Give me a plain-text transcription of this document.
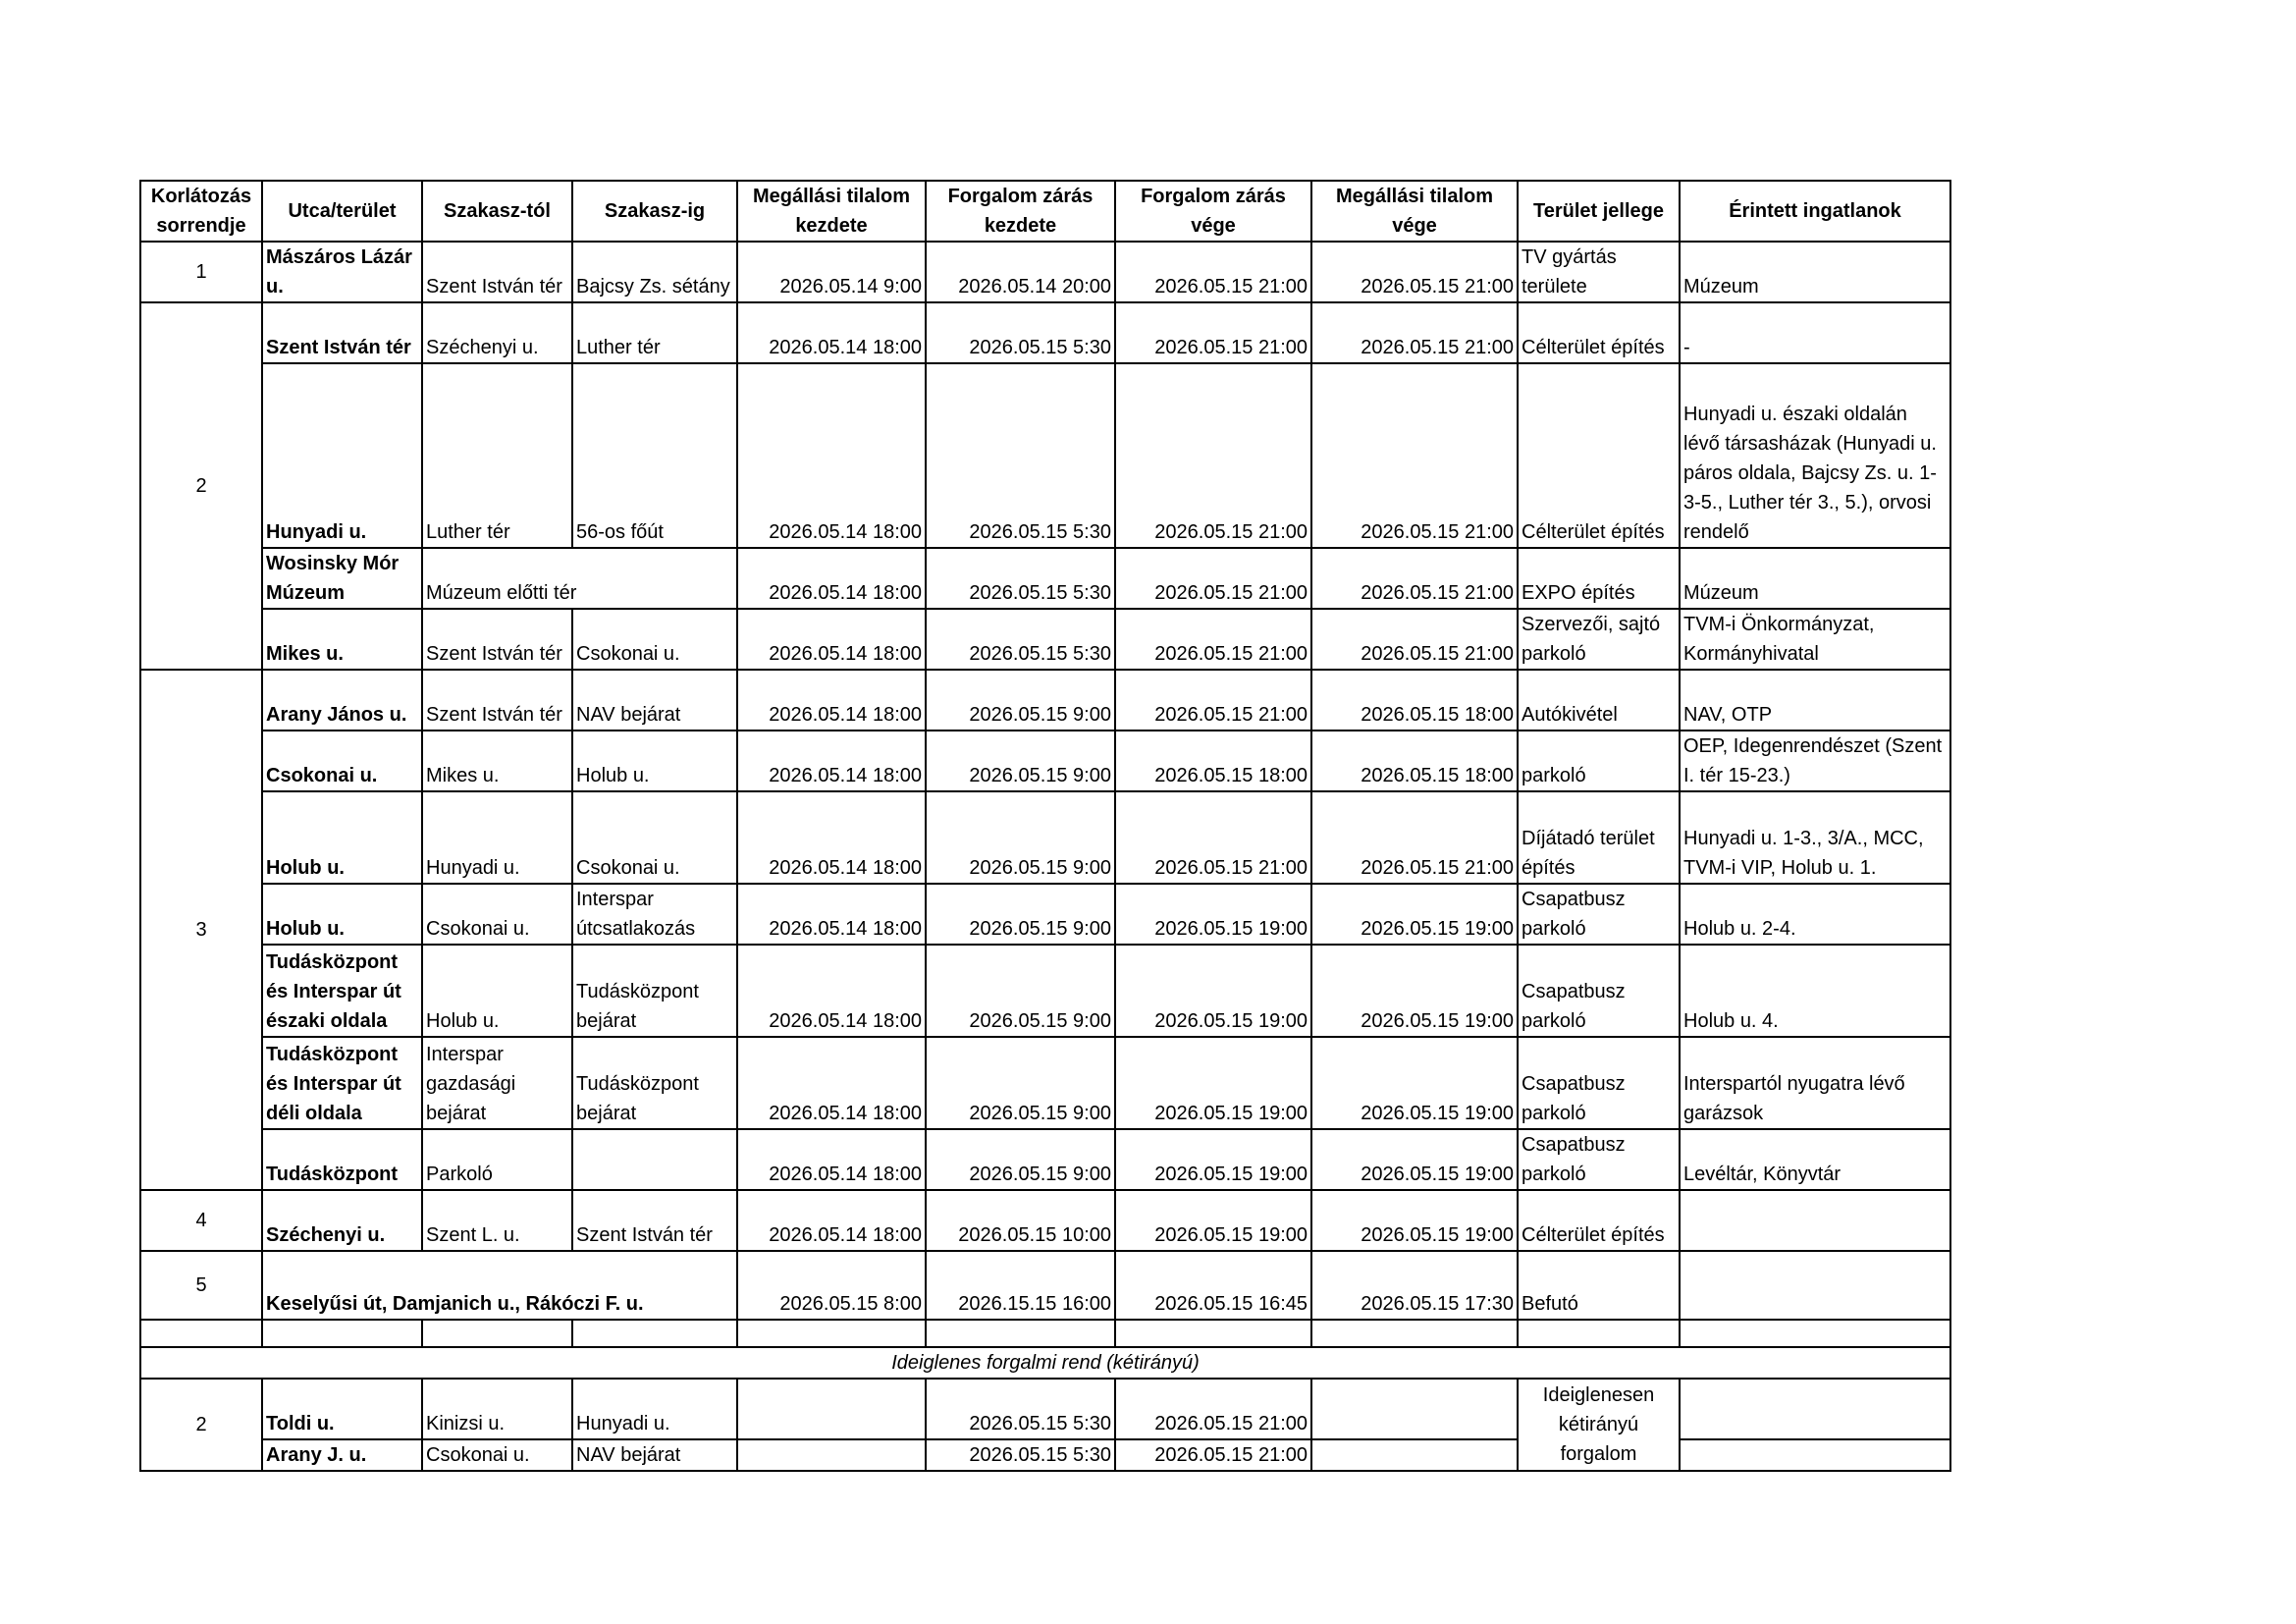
Korlátozás sorrendje	Utca/terület	Szakasz-tól	Szakasz-ig	Megállási tilalom kezdete	Forgalom zárás kezdete	Forgalom zárás vége	Megállási tilalom vége	Terület jellege	Érintett ingatlanok
1	Mászáros Lázár u.	Szent István tér	Bajcsy Zs. sétány	2026.05.14 9:00	2026.05.14 20:00	2026.05.15 21:00	2026.05.15 21:00	TV gyártás területe	Múzeum
2	Szent István tér	Széchenyi u.	Luther tér	2026.05.14 18:00	2026.05.15 5:30	2026.05.15 21:00	2026.05.15 21:00	Célterület építés	-
	Hunyadi u.	Luther tér	56-os főút	2026.05.14 18:00	2026.05.15 5:30	2026.05.15 21:00	2026.05.15 21:00	Célterület építés	Hunyadi u. északi oldalán lévő társasházak (Hunyadi u. páros oldala, Bajcsy Zs. u. 1-3-5., Luther tér 3., 5.), orvosi rendelő
	Wosinsky Mór Múzeum	Múzeum előtti tér		2026.05.14 18:00	2026.05.15 5:30	2026.05.15 21:00	2026.05.15 21:00	EXPO építés	Múzeum
	Mikes u.	Szent István tér	Csokonai u.	2026.05.14 18:00	2026.05.15 5:30	2026.05.15 21:00	2026.05.15 21:00	Szervezői, sajtó parkoló	TVM-i Önkormányzat, Kormányhivatal
3	Arany János u.	Szent István tér	NAV bejárat	2026.05.14 18:00	2026.05.15 9:00	2026.05.15 21:00	2026.05.15 18:00	Autókivétel	NAV, OTP
	Csokonai u.	Mikes u.	Holub u.	2026.05.14 18:00	2026.05.15 9:00	2026.05.15 18:00	2026.05.15 18:00	parkoló	OEP, Idegenrendészet (Szent I. tér 15-23.)
	Holub u.	Hunyadi u.	Csokonai u.	2026.05.14 18:00	2026.05.15 9:00	2026.05.15 21:00	2026.05.15 21:00	Díjátadó terület építés	Hunyadi u. 1-3., 3/A., MCC, TVM-i VIP, Holub u. 1.
	Holub u.	Csokonai u.	Interspar útcsatlakozás	2026.05.14 18:00	2026.05.15 9:00	2026.05.15 19:00	2026.05.15 19:00	Csapatbusz parkoló	Holub u. 2-4.
	Tudásközpont és Interspar út északi oldala	Holub u.	Tudásközpont bejárat	2026.05.14 18:00	2026.05.15 9:00	2026.05.15 19:00	2026.05.15 19:00	Csapatbusz parkoló	Holub u. 4.
	Tudásközpont és Interspar út déli oldala	Interspar gazdasági bejárat	Tudásközpont bejárat	2026.05.14 18:00	2026.05.15 9:00	2026.05.15 19:00	2026.05.15 19:00	Csapatbusz parkoló	Interspartól nyugatra lévő garázsok
	Tudásközpont	Parkoló		2026.05.14 18:00	2026.05.15 9:00	2026.05.15 19:00	2026.05.15 19:00	Csapatbusz parkoló	Levéltár, Könyvtár
4	Széchenyi u.	Szent L. u.	Szent István tér	2026.05.14 18:00	2026.05.15 10:00	2026.05.15 19:00	2026.05.15 19:00	Célterület építés	
5	Keselyűsi út, Damjanich u., Rákóczi F. u.			2026.05.15 8:00	2026.15.15 16:00	2026.05.15 16:45	2026.05.15 17:30	Befutó	

Ideiglenes forgalmi rend (kétirányú)									
2	Toldi u.	Kinizsi u.	Hunyadi u.		2026.05.15 5:30	2026.05.15 21:00		Ideiglenesen kétirányú forgalom	
	Arany J. u.	Csokonai u.	NAV bejárat		2026.05.15 5:30	2026.05.15 21:00			
